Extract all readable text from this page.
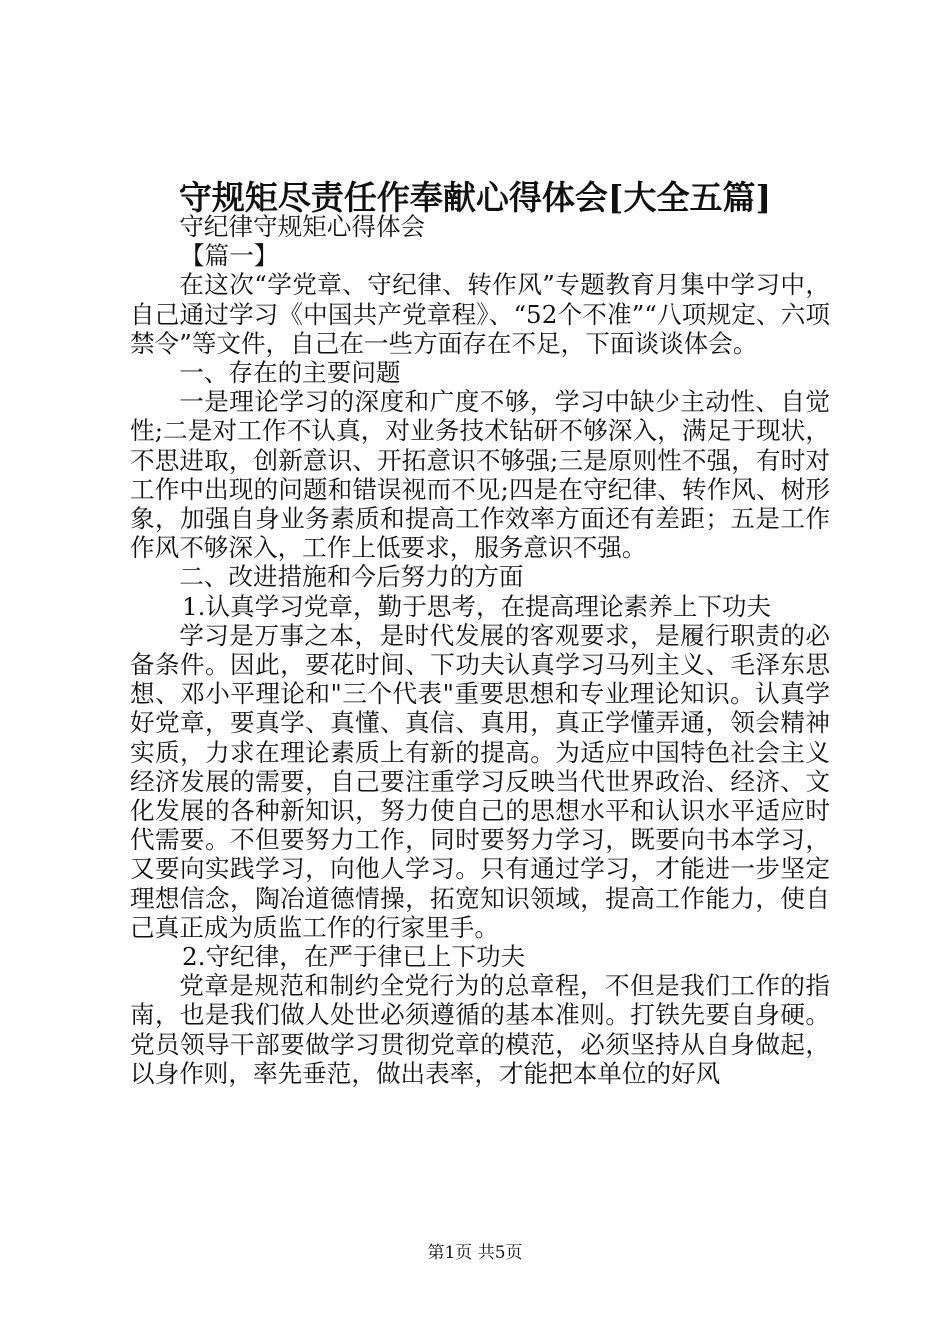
守规矩尽责任作奉献心得体会[大全五篇]

守纪律守规矩心得体会

【篇一】

在这次“学党章、守纪律、转作风”专题教育月集中学习中，自己通过学习《中国共产党章程》、“52个不准”“八项规定、六项禁令”等文件，自己在一些方面存在不足，下面谈谈体会。

一、存在的主要问题

一是理论学习的深度和广度不够，学习中缺少主动性、自觉性;二是对工作不认真，对业务技术钻研不够深入，满足于现状，不思进取，创新意识、开拓意识不够强;三是原则性不强，有时对工作中出现的问题和错误视而不见;四是在守纪律、转作风、树形象，加强自身业务素质和提高工作效率方面还有差距；五是工作作风不够深入，工作上低要求，服务意识不强。

二、改进措施和今后努力的方面

1.认真学习党章，勤于思考，在提高理论素养上下功夫

学习是万事之本，是时代发展的客观要求，是履行职责的必备条件。因此，要花时间、下功夫认真学习马列主义、毛泽东思想、邓小平理论和"三个代表"重要思想和专业理论知识。认真学好党章，要真学、真懂、真信、真用，真正学懂弄通，领会精神实质，力求在理论素质上有新的提高。为适应中国特色社会主义经济发展的需要，自己要注重学习反映当代世界政治、经济、文化发展的各种新知识，努力使自己的思想水平和认识水平适应时代需要。不但要努力工作，同时要努力学习，既要向书本学习，又要向实践学习，向他人学习。只有通过学习，才能进一步坚定理想信念，陶冶道德情操，拓宽知识领域，提高工作能力，使自己真正成为质监工作的行家里手。

2.守纪律，在严于律已上下功夫

党章是规范和制约全党行为的总章程，不但是我们工作的指南，也是我们做人处世必须遵循的基本准则。打铁先要自身硬。党员领导干部要做学习贯彻党章的模范，必须坚持从自身做起，以身作则，率先垂范，做出表率，才能把本单位的好风

第1页 共5页
